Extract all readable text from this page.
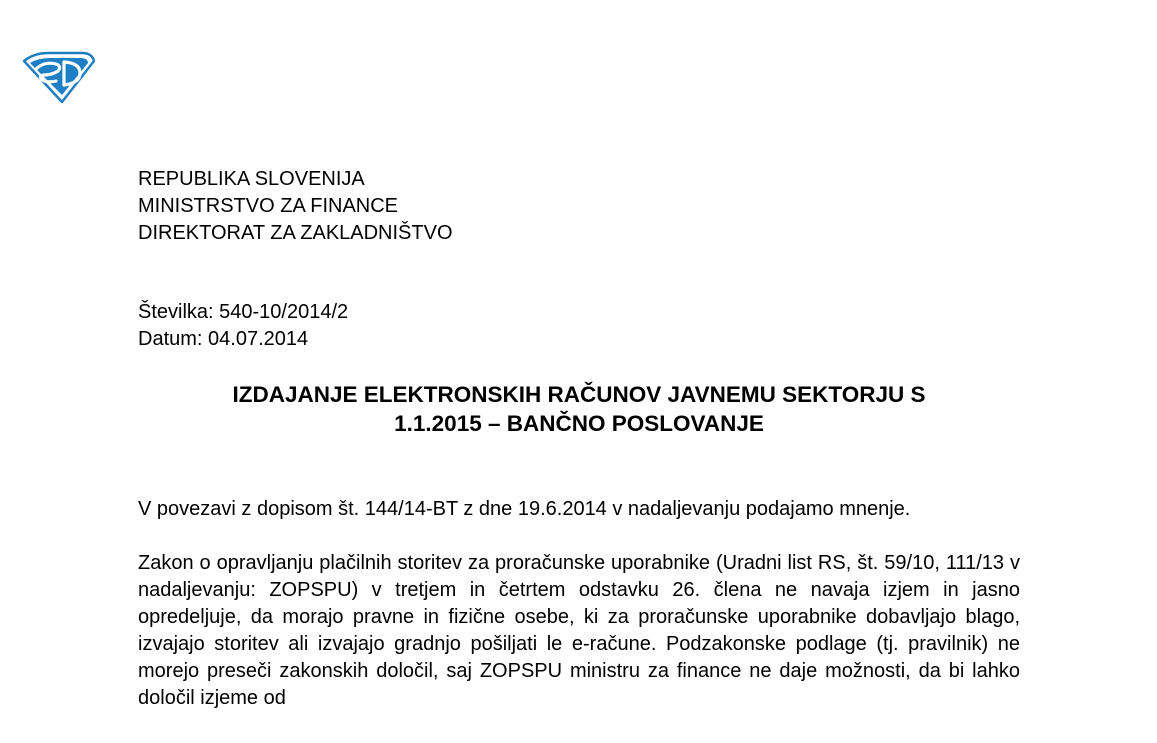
REPUBLIKA SLOVENIJA
MINISTRSTVO ZA FINANCE
DIREKTORAT ZA ZAKLADNIŠTVO
Številka: 540-10/2014/2
Datum: 04.07.2014
IZDAJANJE ELEKTRONSKIH RAČUNOV JAVNEMU SEKTORJU S
1.1.2015 – BANČNO POSLOVANJE

V povezavi z dopisom št. 144/14-BT z dne 19.6.2014 v nadaljevanju podajamo mnenje.

Zakon o opravljanju plačilnih storitev za proračunske uporabnike (Uradni list RS, št. 59/10, 111/13 v nadaljevanju: ZOPSPU) v tretjem in četrtem odstavku 26. člena ne navaja izjem in jasno opredeljuje, da morajo pravne in fizične osebe, ki za proračunske uporabnike dobavljajo blago, izvajajo storitev ali izvajajo gradnjo pošiljati le e-račune. Podzakonske podlage (tj. pravilnik) ne morejo preseči zakonskih določil, saj ZOPSPU ministru za finance ne daje možnosti, da bi lahko določil izjeme od
